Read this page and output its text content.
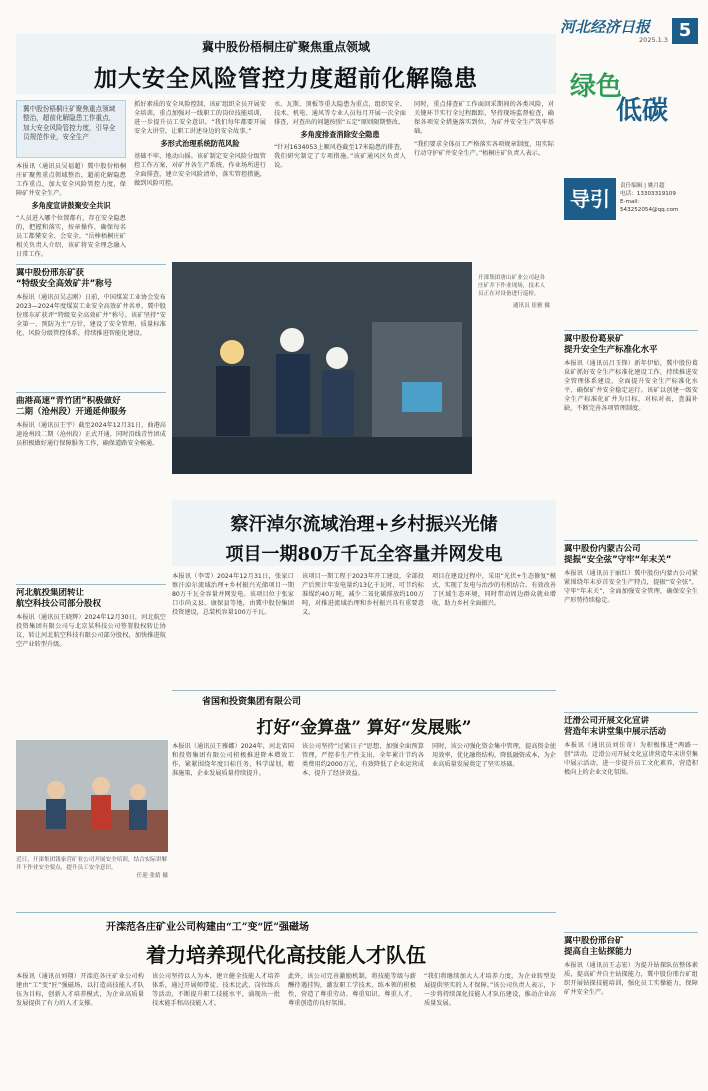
河北经济日报
2025.1.3 5
冀中股份梧桐庄矿聚焦重点领域
加大安全风险管控力度超前化解隐患
冀中股份梧桐庄矿聚焦重点领域整治，超前化解隐患工作重点，加大安全风险管控力度，引导全员规范作业，安全生产
本报讯（通讯员吴福超）冀中股份梧桐庄矿聚焦重点领域整治，超前化解隐患工作重点，加大安全风险管控力度，保障矿井安全生产。
多角度宣讲鼓聚安全共识
“人员进入哪个位置都有，存在安全隐患的，把握和落实，按章操作，确保每名员工都懂安全、会安全。“岳棒梧桐庄矿相关负责人介绍，该矿将安全理念融入日常工作。
抓好素质的安全风险控制，该矿组织全员开展安全培训。重点加强对一线职工的岗位技能培训，进一步提升员工安全意识。“我们每年都要开展安全大讲堂，让职工讲述身边的安全故事。”
多形式治理系统防范风险
基础不牢，地动山摇。该矿制定安全风险分级管控工作方案，对矿井各生产系统、作业场所进行全面排查，建立安全风险清单，落实管控措施，做到风险可控。
水、瓦斯、顶板等重大隐患为重点，组织安全、技术、机电、通风等专业人员每月开展一次全面排查，对查出的问题按照“五定”原则限期整改。
多角度排查消除安全隐患
“针对1634053上顺风巷截至17米隐患的排查，我们研究制定了专项措施。”该矿通风区负责人说。
同时，重点排查矿工作面回采期间的各类风险，对关键环节实行全过程跟踪，坚持现场监督检查，确保各项安全措施落实到位，为矿井安全生产筑牢基础。
“我们要求全体员工严格落实各项规章制度，用实际行动守护矿井安全生产。”梧桐庄矿负责人表示。
开滦集团唐山矿业公司赵各庄矿井下作业现场，技术人员正在对设备进行巡检。
通讯员 崔雅 摄
冀中股份邢东矿获
“特级安全高效矿井”称号
本报讯（通讯员吴志刚）日前，中国煤炭工业协会发布2023—2024年度煤炭工业安全高效矿井名单，冀中股份邢东矿获评“特级安全高效矿井”称号。该矿坚持“安全第一、预防为主”方针，建设了安全管理、质量标准化、风险分级管控体系，持续推进智能化建设。
曲港高速“青竹团”积极做好
二期（沧州段）开通延伸服务
本报讯（通讯员王宇）截至2024年12月31日，曲港高速沧州段二期（沧州段）正式开通，同时沿线青竹团成员积极做好通行保障服务工作，确保道路安全畅通。
河北航投集团转让
航空科技公司部分股权
本报讯（通讯员王晓辉）2024年12月30日，河北航空投资集团有限公司与北京某科技公司签署股权转让协议，转让河北航空科技有限公司部分股权，加快推进航空产业转型升级。
近日，开滦集团钱家营矿业公司开展安全培训，结合实际讲解井下作业安全要点，提升员工安全意识。
任迎 张婧 摄
察汗淖尔流域治理+乡村振兴光储
项目一期80万千瓦全容量并网发电
本报讯（李雪）2024年12月31日，张家口察汗淖尔流域治理+乡村振兴光储项目一期80万千瓦全容量并网发电。该项目位于张家口市尚义县、康保县等地，由冀中股份集团投资建设，总装机容量100万千瓦。
该项目一期工程于2023年开工建设，全部投产后预计年发电量约13亿千瓦时，可节约标准煤约40万吨，减少二氧化碳排放约100万吨，对推进流域治理和乡村振兴具有重要意义。
项目在建设过程中，采用“光伏+生态修复”模式，实现了发电与治沙的有机结合，有效改善了区域生态环境，同时带动周边群众就业增收，助力乡村全面振兴。
省国和投资集团有限公司
打好“金算盘” 算好“发展账”
本报讯（通讯员王雅娜）2024年，河北省国和投资集团有限公司积极推进降本增效工作，紧紧围绕年度目标任务，科学谋划，精准施策，企业发展质量持续提升。
该公司坚持“过紧日子”思想，加强全面预算管理，严控非生产性支出，全年累计节约各类费用约2000万元，有效降低了企业运营成本，提升了经济效益。
同时，该公司强化资金集中管理，提高资金使用效率，优化融资结构，降低融资成本，为企业高质量发展奠定了坚实基础。
开滦范各庄矿业公司构建由“工”变“匠”强磁场
着力培养现代化高技能人才队伍
本报讯（通讯员刘翔）开滦范各庄矿业公司构建由“工”变“匠”强磁场，以打造高技能人才队伍为目标，创新人才培养模式，为企业高质量发展提供了有力的人才支撑。
该公司坚持以人为本，建立健全技能人才培养体系，通过开展师带徒、技术比武、岗位练兵等活动，不断提升职工技能水平，涌现出一批技术能手和高技能人才。
此外，该公司完善激励机制，将技能等级与薪酬待遇挂钩，激发职工学技术、练本领的积极性，营造了尊重劳动、尊重知识、尊重人才、尊重创造的良好氛围。
“我们将继续加大人才培养力度，为企业转型发展提供坚实的人才保障。”该公司负责人表示，下一步将持续深化技能人才队伍建设，推动企业高质量发展。
绿色
低碳
导引
责任编辑 | 姚月超
电话：13303319109
E-mail：543252054@qq.com
冀中股份葛泉矿
提升安全生产标准化水平
本报讯（通讯员吕玉锋）新年伊始，冀中股份葛泉矿抓好安全生产标准化建设工作，持续推进安全管理体系建设，全面提升安全生产标准化水平，确保矿井安全稳定运行。该矿以创建一级安全生产标准化矿井为目标，对标对表，查漏补缺，不断完善各项管理制度。
冀中股份内蒙古公司
提振“安全弦”守牢“年末关”
本报讯（通讯员于丽红）冀中股份内蒙古公司紧紧围绕年末岁首安全生产特点，提振“安全弦”，守牢“年末关”，全面加强安全管理，确保安全生产形势持续稳定。
迁滑公司开展文化宣讲
营造年末讲堂集中展示活动
本报讯（通讯员刘佳奇）为积极推进“两路一创”活动，迁滑公司开展文化宣讲营造年末讲堂集中展示活动，进一步提升员工文化素养，营造积极向上的企业文化氛围。
冀中股份邢台矿
提高自主钻探能力
本报讯（通讯员王志宏）为提升钻探队伍整体素质，提高矿井自主钻探能力，冀中股份邢台矿组织开展钻探技能培训，强化员工实操能力，保障矿井安全生产。
